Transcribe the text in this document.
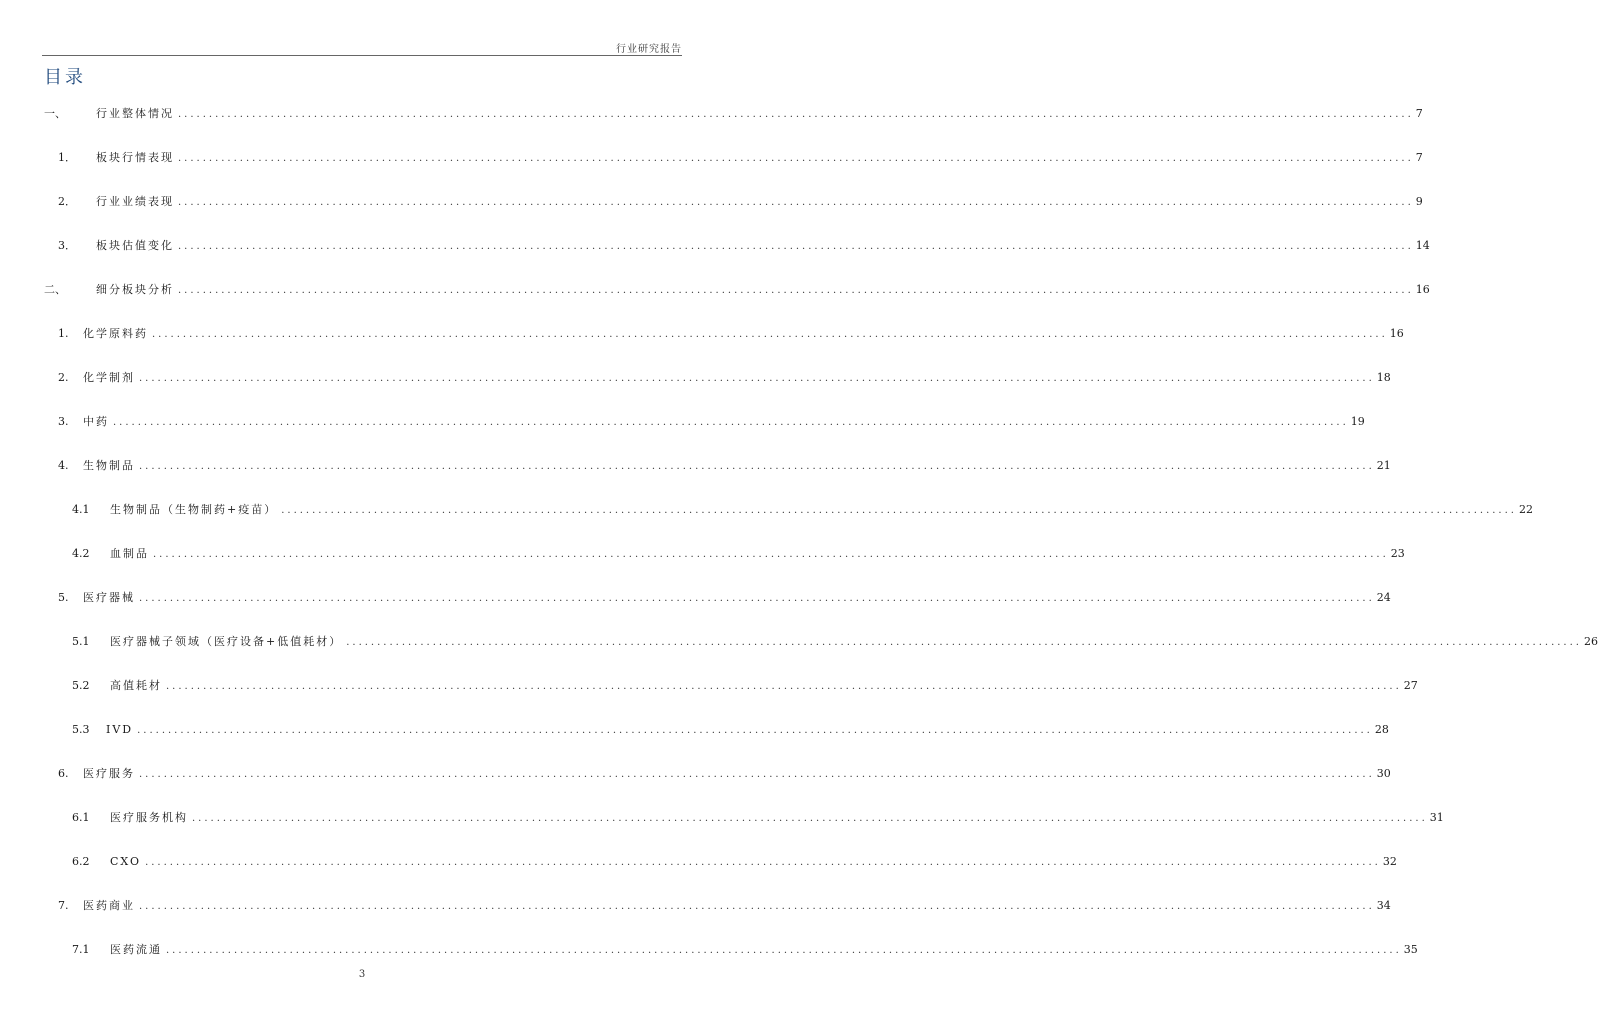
行业研究报告
目录
一、	行业整体情况 ........................................................................................................................................................................................................ 7
1．	板块行情表现 ........................................................................................................................................................................................................ 7
2．	行业业绩表现 ........................................................................................................................................................................................................ 9
3．	板块估值变化 ........................................................................................................................................................................................................ 14
二、	细分板块分析 ........................................................................................................................................................................................................ 16
1.	化学原料药 ........................................................................................................................................................................................................ 16
2.	化学制剂 ........................................................................................................................................................................................................ 18
3.	中药 ........................................................................................................................................................................................................ 19
4.	生物制品 ........................................................................................................................................................................................................ 21
4.1	生物制品（生物制药+疫苗） ........................................................................................................................................................................................................ 22
4.2	血制品 ........................................................................................................................................................................................................ 23
5.	医疗器械 ........................................................................................................................................................................................................ 24
5.1	医疗器械子领域（医疗设备+低值耗材） ........................................................................................................................................................................................................ 26
5.2	高值耗材 ........................................................................................................................................................................................................ 27
5.3	IVD ........................................................................................................................................................................................................ 28
6.	医疗服务 ........................................................................................................................................................................................................ 30
6.1	医疗服务机构 ........................................................................................................................................................................................................ 31
6.2	CXO ........................................................................................................................................................................................................ 32
7.	医药商业 ........................................................................................................................................................................................................ 34
7.1	医药流通 ........................................................................................................................................................................................................ 35
3
